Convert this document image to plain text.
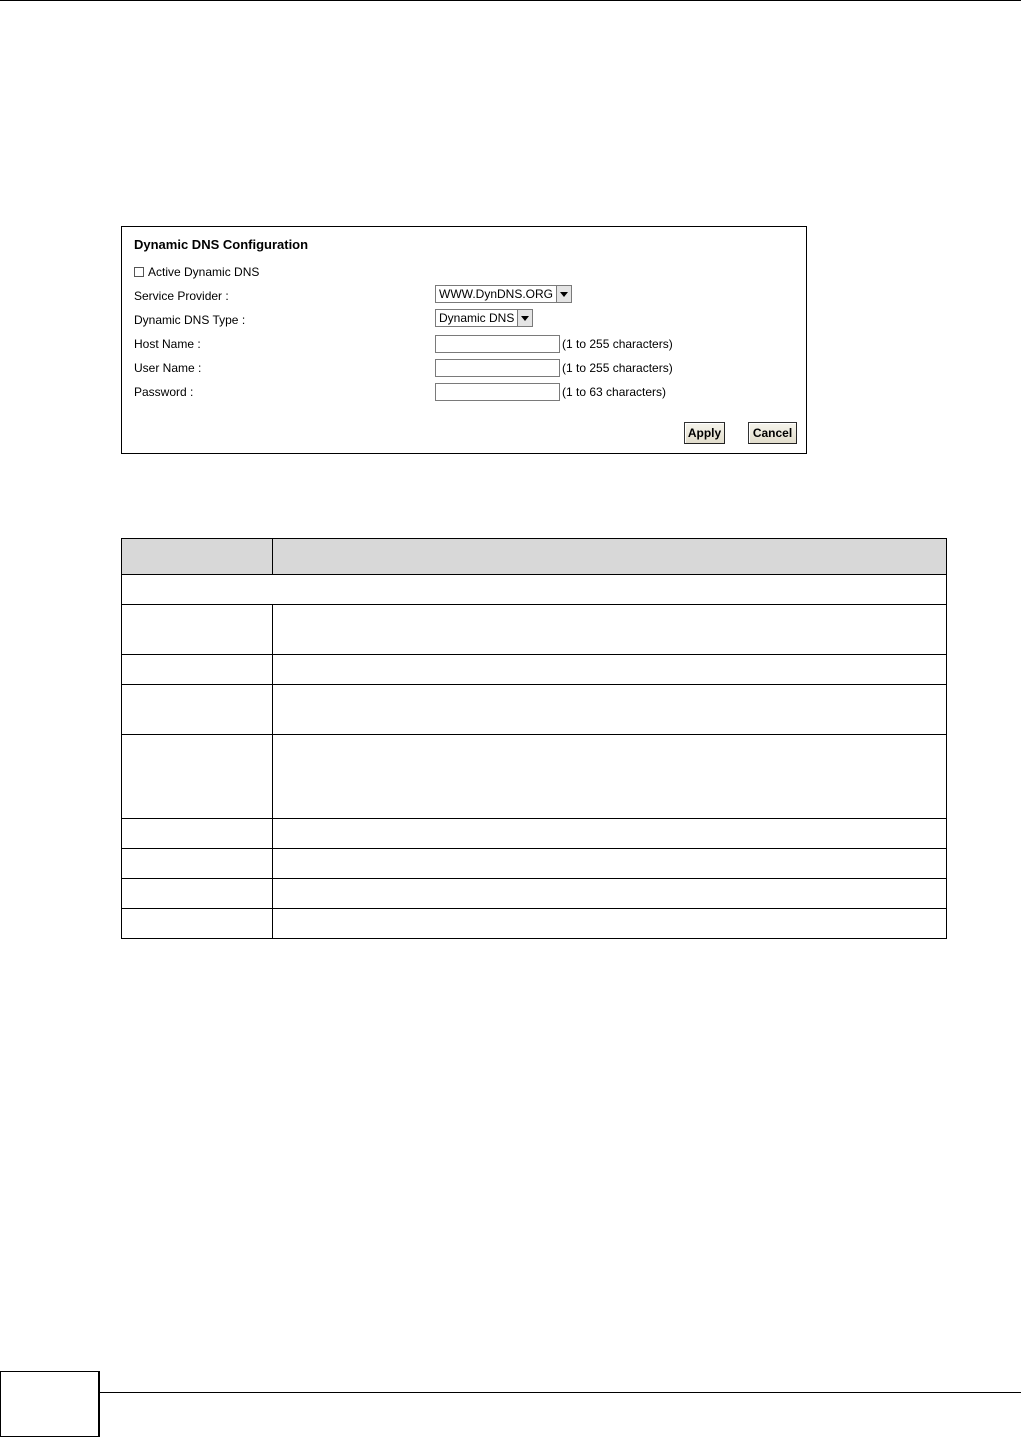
Dynamic DNS Configuration
Active Dynamic DNS
Service Provider :	WWW.DynDNS.ORG
Dynamic DNS Type :	Dynamic DNS
Host Name :	(1 to 255 characters)
User Name :	(1 to 255 characters)
Password :	(1 to 63 characters)
Apply	Cancel
